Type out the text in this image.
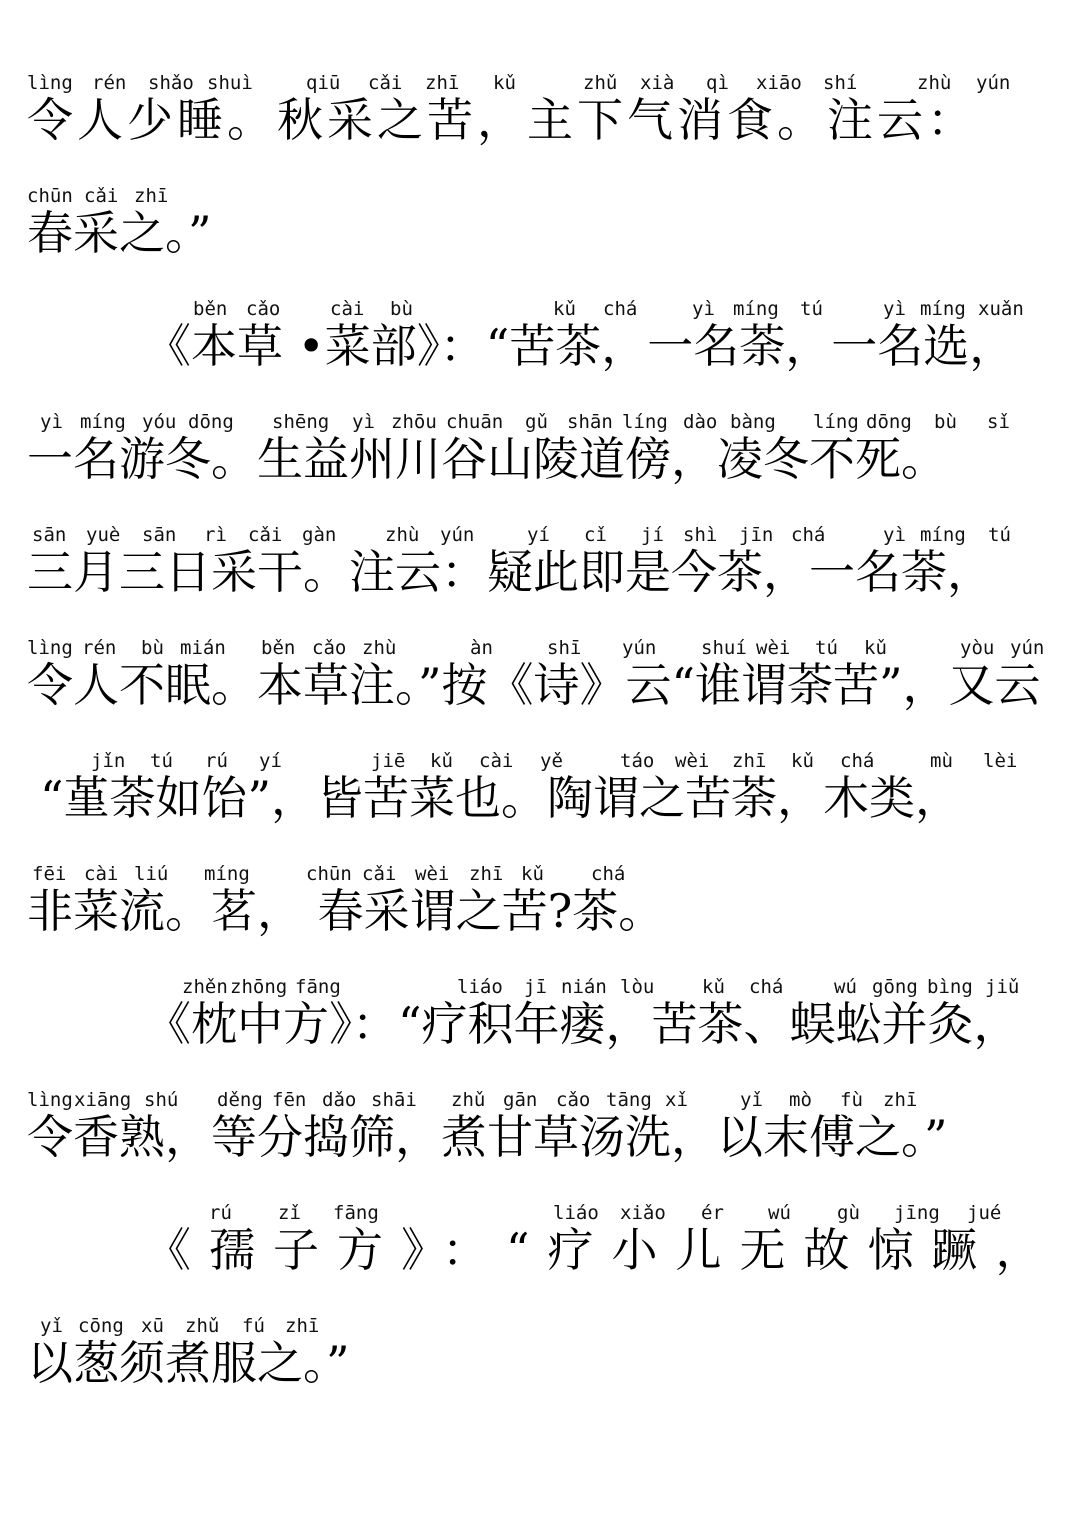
lìng rén shǎo shuì	qiū cǎi zhī kǔ	zhǔ xià qì xiāo shí	zhù yún
令人少睡。秋采之苦，主下气消食。注云：
chūn cǎi zhī
春采之。”
běn cǎo	cài bù	kǔ chá	yì míng tú	yì míng xuǎn
《本草 •菜部》：“苦茶，一名荼，一名选，
yì míng yóu dōng shēng yì zhōu chuān gǔ shān líng dào bàng líng dōng bù sǐ
一名游冬。生益州川谷山陵道傍，凌冬不死。
sān yuè sān rì cǎi gàn	zhù yún	yí cǐ jí shì jīn chá	yì míng tú
三月三日采干。注云：疑此即是今茶，一名荼，
lìng rén bù mián běn cǎo zhù	àn	shī yún shuí wèi tú kǔ	yòu yún
令人不眠。本草注。”按《诗》云“谁谓荼苦”，又云
jǐn tú rú yí	jiē kǔ cài yě	táo wèi zhī kǔ chá	mù lèi
“堇荼如饴”，皆苦菜也。陶谓之苦荼，木类，
fēi cài liú míng	chūn cǎi wèi zhī kǔ chá
非菜流。茗， 春采谓之苦?茶。
zhěn zhōng fāng	liáo jī nián lòu	kǔ chá	wú gōng bìng jiǔ
《枕中方》：“疗积年瘘，苦茶、蜈蚣并灸，
lìng xiāng shú děng fēn dǎo shāi zhǔ gān cǎo tāng xǐ	yǐ mò fù zhī
令香熟，等分捣筛，煮甘草汤洗，以末傅之。”
rú zǐ fāng	liáo xiǎo ér wú gù jīng jué
《孺子方》：“疗小儿无故惊蹶，
yǐ cōng xū zhǔ fú zhī
以葱须煮服之。”
